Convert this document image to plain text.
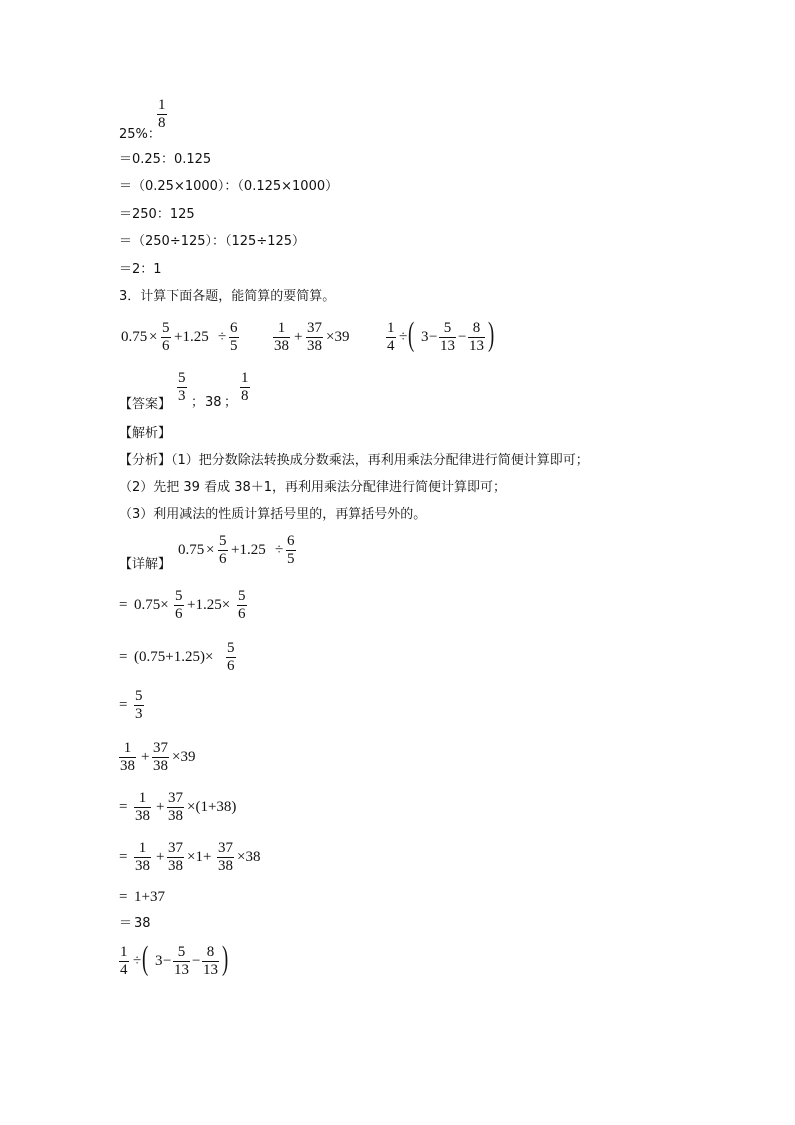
25%：
$\frac{1}{8}$
＝0.25：0.125
＝（0.25×1000）：（0.125×1000）
＝250：125
＝（250÷125）：（125÷125）
＝2：1
3．计算下面各题，能简算的要简算。
$0.75 \times \frac{5}{6} +1.25 \div \frac{6}{5} \frac{1}{38} + \frac{37}{38} \times 39 \frac{1}{4}$ ÷ ( $3 - \frac{5}{13} - \frac{8}{13}$ )
【答案】 $\frac{5}{3}$ ； 38 ； $\frac{1}{8}$
【解析】
【分析】（1）把分数除法转换成分数乘法，再利用乘法分配律进行简便计算即可；
（2）先把 39 看成 38＋1，再利用乘法分配律进行简便计算即可；
（3）利用减法的性质计算括号里的，再算括号外的。
【详解】
$0.75 \times \frac{5}{6} +1.25 \div \frac{6}{5}$
= $0.75\times \frac{5}{6} +1.25\times \frac{5}{6}$
= $(0.75+1.25)\times \frac{5}{6}$
= $\frac{5}{3}$
$\frac{1}{38} + \frac{37}{38} \times 39$
= $\frac{1}{38} + \frac{37}{38} \times(1+38)$
= $\frac{1}{38} + \frac{37}{38} \times 1+ \frac{37}{38} \times 38$
= 1+37
＝ 38
$\frac{1}{4}$ ÷ ( $3 - \frac{5}{13} - \frac{8}{13}$ )
